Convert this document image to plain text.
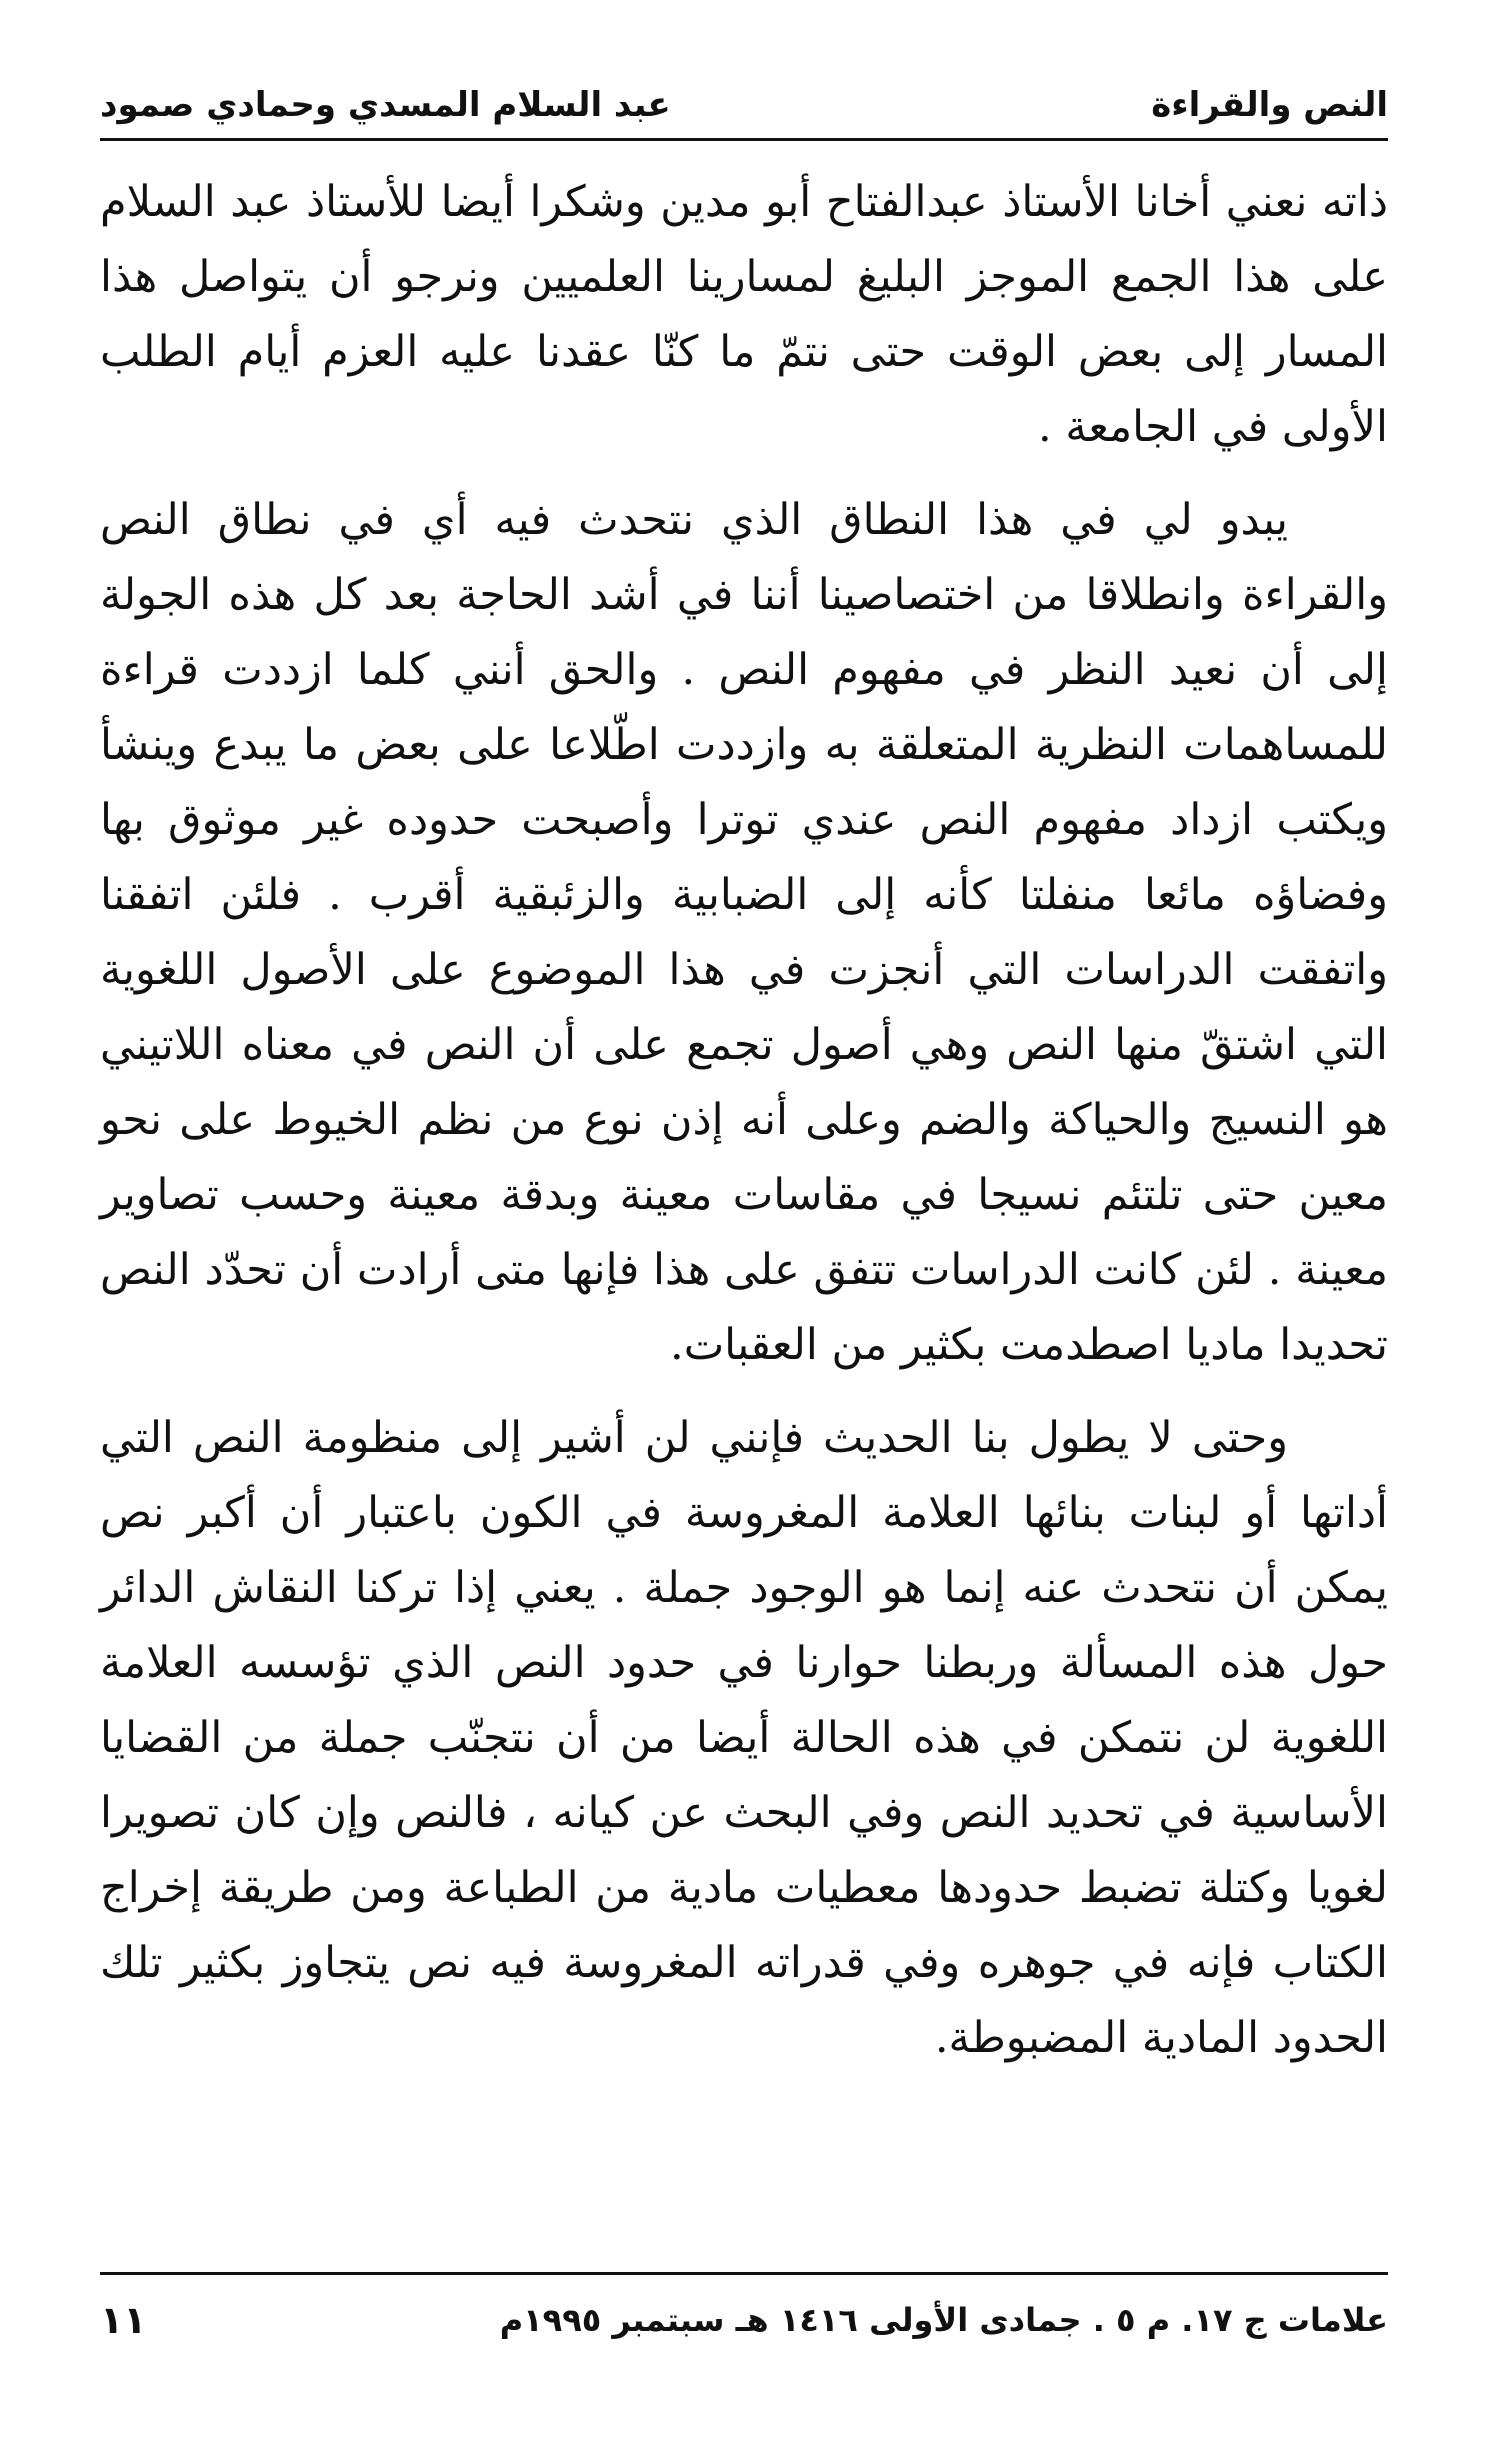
النص والقراءة
عبد السلام المسدي وحمادي صمود

ذاته نعني أخانا الأستاذ عبدالفتاح أبو مدين وشكرا أيضا للأستاذ عبد السلام على هذا الجمع الموجز البليغ لمسارينا العلميين ونرجو أن يتواصل هذا المسار إلى بعض الوقت حتى نتمّ ما كنّا عقدنا عليه العزم أيام الطلب الأولى في الجامعة .

يبدو لي في هذا النطاق الذي نتحدث فيه أي في نطاق النص والقراءة وانطلاقا من اختصاصينا أننا في أشد الحاجة بعد كل هذه الجولة إلى أن نعيد النظر في مفهوم النص . والحق أنني كلما ازددت قراءة للمساهمات النظرية المتعلقة به وازددت اطّلاعا على بعض ما يبدع وينشأ ويكتب ازداد مفهوم النص عندي توترا وأصبحت حدوده غير موثوق بها وفضاؤه مائعا منفلتا كأنه إلى الضبابية والزئبقية أقرب . فلئن اتفقنا واتفقت الدراسات التي أنجزت في هذا الموضوع على الأصول اللغوية التي اشتقّ منها النص وهي أصول تجمع على أن النص في معناه اللاتيني هو النسيج والحياكة والضم وعلى أنه إذن نوع من نظم الخيوط على نحو معين حتى تلتئم نسيجا في مقاسات معينة وبدقة معينة وحسب تصاوير معينة . لئن كانت الدراسات تتفق على هذا فإنها متى أرادت أن تحدّد النص تحديدا ماديا اصطدمت بكثير من العقبات.

وحتى لا يطول بنا الحديث فإنني لن أشير إلى منظومة النص التي أداتها أو لبنات بنائها العلامة المغروسة في الكون باعتبار أن أكبر نص يمكن أن نتحدث عنه إنما هو الوجود جملة . يعني إذا تركنا النقاش الدائر حول هذه المسألة وربطنا حوارنا في حدود النص الذي تؤسسه العلامة اللغوية لن نتمكن في هذه الحالة أيضا من أن نتجنّب جملة من القضايا الأساسية في تحديد النص وفي البحث عن كيانه ، فالنص وإن كان تصويرا لغويا وكتلة تضبط حدودها معطيات مادية من الطباعة ومن طريقة إخراج الكتاب فإنه في جوهره وفي قدراته المغروسة فيه نص يتجاوز بكثير تلك الحدود المادية المضبوطة.

علامات ج ١٧. م ٥ . جمادى الأولى ١٤١٦ هـ سبتمبر ١٩٩٥م
١١
